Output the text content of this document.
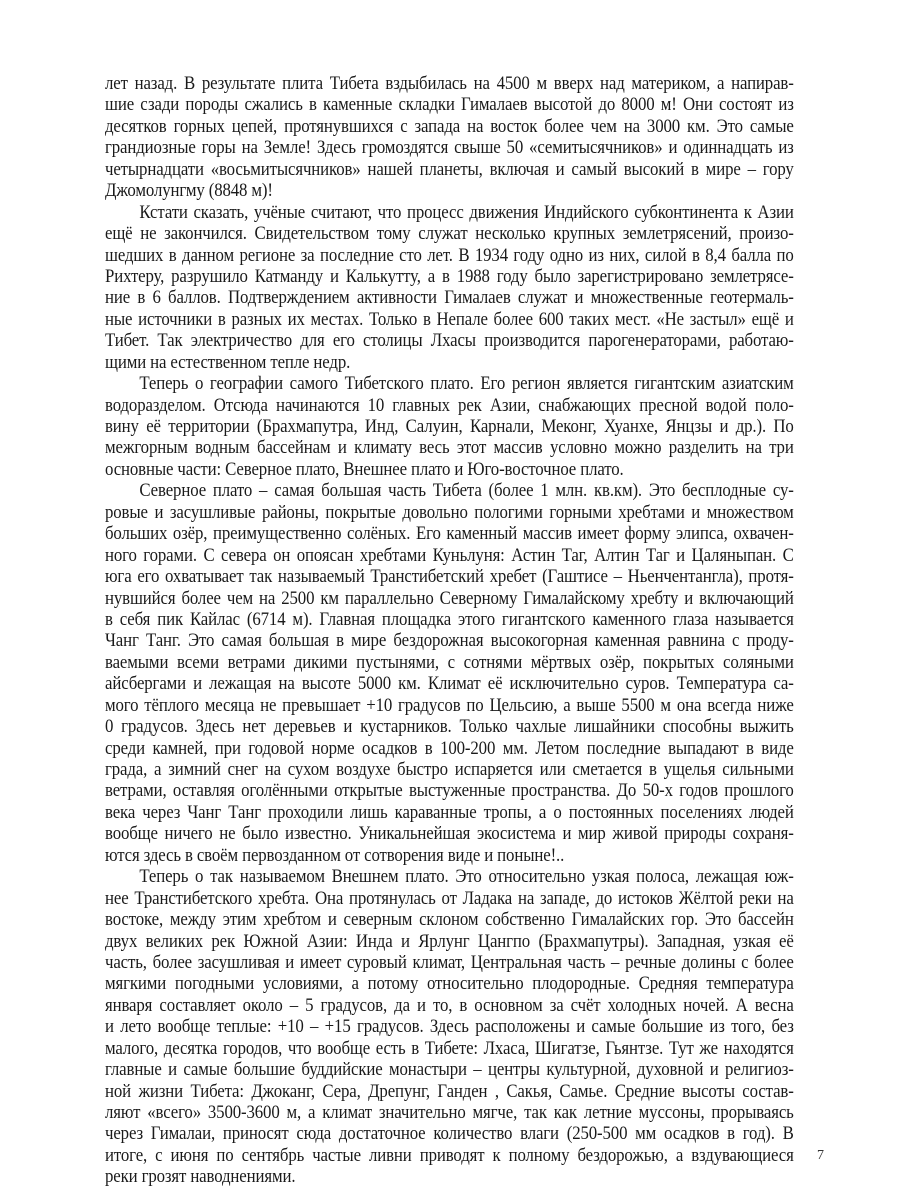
лет назад. В результате плита Тибета вздыбилась на 4500 м вверх над материком, а напирав-
шие сзади породы сжались в каменные складки Гималаев высотой до 8000 м! Они состоят из
десятков горных цепей, протянувшихся с запада на восток более чем на 3000 км. Это самые
грандиозные горы на Земле! Здесь громоздятся свыше 50 «семитысячников» и одиннадцать из
четырнадцати «восьмитысячников» нашей планеты, включая и самый высокий в мире – гору
Джомолунгму (8848 м)!
Кстати сказать, учёные считают, что процесс движения Индийского субконтинента к Азии
ещё не закончился. Свидетельством тому служат несколько крупных землетрясений, произо-
шедших в данном регионе за последние сто лет. В 1934 году одно из них, силой в 8,4 балла по
Рихтеру, разрушило Катманду и Калькутту, а в 1988 году было зарегистрировано землетрясе-
ние в 6 баллов. Подтверждением активности Гималаев служат и множественные геотермаль-
ные источники в разных их местах. Только в Непале более 600 таких мест. «Не застыл» ещё и
Тибет. Так электричество для его столицы Лхасы производится парогенераторами, работаю-
щими на естественном тепле недр.
Теперь о географии самого Тибетского плато. Его регион является гигантским азиатским
водоразделом. Отсюда начинаются 10 главных рек Азии, снабжающих пресной водой поло-
вину её территории (Брахмапутра, Инд, Салуин, Карнали, Меконг, Хуанхе, Янцзы и др.). По
межгорным водным бассейнам и климату весь этот массив условно можно разделить на три
основные части: Северное плато, Внешнее плато и Юго-восточное плато.
Северное плато – самая большая часть Тибета (более 1 млн. кв.км). Это бесплодные су-
ровые и засушливые районы, покрытые довольно пологими горными хребтами и множеством
больших озёр, преимущественно солёных. Его каменный массив имеет форму элипса, охвачен-
ного горами. С севера он опоясан хребтами Куньлуня: Астин Таг, Алтин Таг и Цаляныпан. С
юга его охватывает так называемый Транстибетский хребет (Гаштисе – Ньенчентангла), протя-
нувшийся более чем на 2500 км параллельно Северному Гималайскому хребту и включающий
в себя пик Кайлас (6714 м). Главная площадка этого гигантского каменного глаза называется
Чанг Танг. Это самая большая в мире бездорожная высокогорная каменная равнина с проду-
ваемыми всеми ветрами дикими пустынями, с сотнями мёртвых озёр, покрытых соляными
айсбергами и лежащая на высоте 5000 км. Климат её исключительно суров. Температура са-
мого тёплого месяца не превышает +10 градусов по Цельсию, а выше 5500 м она всегда ниже
0 градусов. Здесь нет деревьев и кустарников. Только чахлые лишайники способны выжить
среди камней, при годовой норме осадков в 100-200 мм. Летом последние выпадают в виде
града, а зимний снег на сухом воздухе быстро испаряется или сметается в ущелья сильными
ветрами, оставляя оголёнными открытые выстуженные пространства. До 50-х годов прошлого
века через Чанг Танг проходили лишь караванные тропы, а о постоянных поселениях людей
вообще ничего не было известно. Уникальнейшая экосистема и мир живой природы сохраня-
ются здесь в своём первозданном от сотворения виде и поныне!..
Теперь о так называемом Внешнем плато. Это относительно узкая полоса, лежащая юж-
нее Транстибетского хребта. Она протянулась от Ладака на западе, до истоков Жёлтой реки на
востоке, между этим хребтом и северным склоном собственно Гималайских гор. Это бассейн
двух великих рек Южной Азии: Инда и Ярлунг Цангпо (Брахмапутры). Западная, узкая её
часть, более засушливая и имеет суровый климат, Центральная часть – речные долины с более
мягкими погодными условиями, а потому относительно плодородные. Средняя температура
января составляет около – 5 градусов, да и то, в основном за счёт холодных ночей. А весна
и лето вообще теплые: +10 – +15 градусов. Здесь расположены и самые большие из того, без
малого, десятка городов, что вообще есть в Тибете: Лхаса, Шигатзе, Гьянтзе. Тут же находятся
главные и самые большие буддийские монастыри – центры культурной, духовной и религиоз-
ной жизни Тибета: Джоканг, Сера, Дрепунг, Ганден , Сакья, Самье. Средние высоты состав-
ляют «всего» 3500-3600 м, а климат значительно мягче, так как летние муссоны, прорываясь
через Гималаи, приносят сюда достаточное количество влаги (250-500 мм осадков в год). В
итоге, с июня по сентябрь частые ливни приводят к полному бездорожью, а вздувающиеся
реки грозят наводнениями.
7
